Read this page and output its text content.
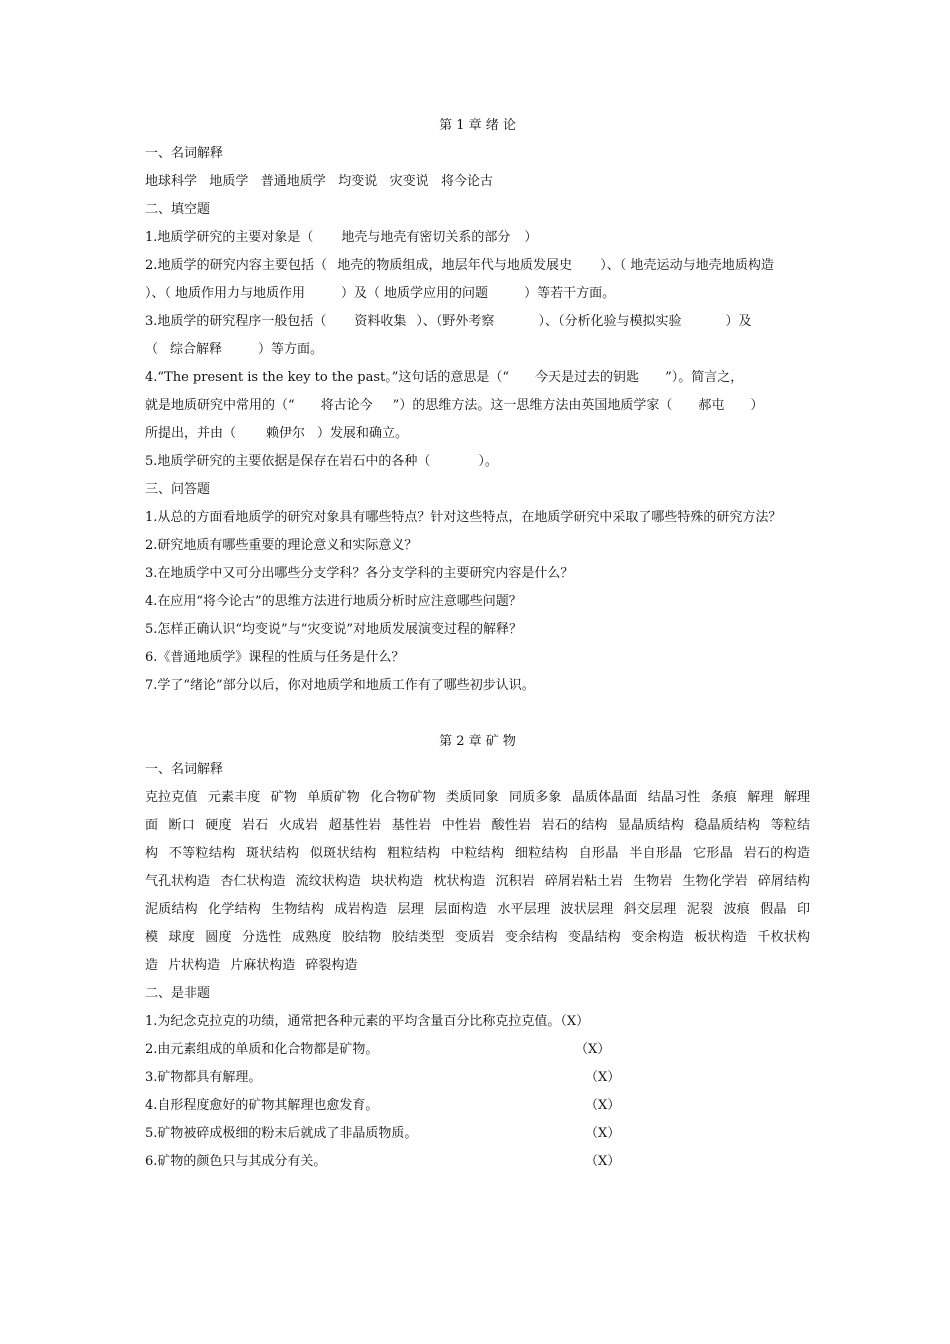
第 1 章 绪 论
一、名词解释
地球科学   地质学   普通地质学   均变说   灾变说   将今论古
二、填空题
1.地质学研究的主要对象是（ 地壳与地壳有密切关系的部分 ）
2.地质学的研究内容主要包括（ 地壳的物质组成，地层年代与地质发展史 ）、（ 地壳运动与地壳地质构造）、（ 地质作用力与地质作用	）及（ 地质学应用的问题	）等若干方面。
3.地质学的研究程序一般包括（ 资料收集 ）、（野外考察	）、（分析化验与模拟实验	）及
（ 综合解释	）等方面。
4.“The present is the key to the past。”这句话的意思是（“ 今天是过去的钥匙 ”）。简言之，
就是地质研究中常用的（“ 将古论今 ”）的思维方法。这一思维方法由英国地质学家（ 郝屯 ）
所提出，并由（ 赖伊尔 ）发展和确立。
5.地质学研究的主要依据是保存在岩石中的各种（	）。
三、问答题
1.从总的方面看地质学的研究对象具有哪些特点？针对这些特点，在地质学研究中采取了哪些特殊的研究方法？
2.研究地质有哪些重要的理论意义和实际意义？
3.在地质学中又可分出哪些分支学科？各分支学科的主要研究内容是什么？
4.在应用“将今论古”的思维方法进行地质分析时应注意哪些问题？
5.怎样正确认识“均变说”与“灾变说”对地质发展演变过程的解释？
6.《普通地质学》课程的性质与任务是什么？
7.学了“绪论”部分以后，你对地质学和地质工作有了哪些初步认识。
第 2 章 矿 物
一、名词解释
克拉克值 元素丰度 矿物 单质矿物 化合物矿物 类质同象 同质多象 晶质体晶面 结晶习性 条痕 解理 解理面 断口 硬度 岩石 火成岩 超基性岩 基性岩 中性岩 酸性岩 岩石的结构 显晶质结构 稳晶质结构 等粒结构 不等粒结构 斑状结构 似斑状结构 粗粒结构 中粒结构 细粒结构 自形晶 半自形晶 它形晶 岩石的构造 气孔状构造 杏仁状构造 流纹状构造 块状构造 枕状构造 沉积岩 碎屑岩粘土岩 生物岩 生物化学岩 碎屑结构 泥质结构 化学结构 生物结构 成岩构造 层理 层面构造 水平层理 波状层理 斜交层理 泥裂 波痕 假晶 印模 球度 圆度 分选性 成熟度 胶结物 胶结类型 变质岩 变余结构 变晶结构 变余构造 板状构造 千枚状构造 片状构造 片麻状构造 碎裂构造
二、是非题
1.为纪念克拉克的功绩，通常把各种元素的平均含量百分比称克拉克值。（X）
2.由元素组成的单质和化合物都是矿物。	（X）
3.矿物都具有解理。	（X）
4.自形程度愈好的矿物其解理也愈发育。	（X）
5.矿物被碎成极细的粉末后就成了非晶质物质。	（X）
6.矿物的颜色只与其成分有关。	（X）
